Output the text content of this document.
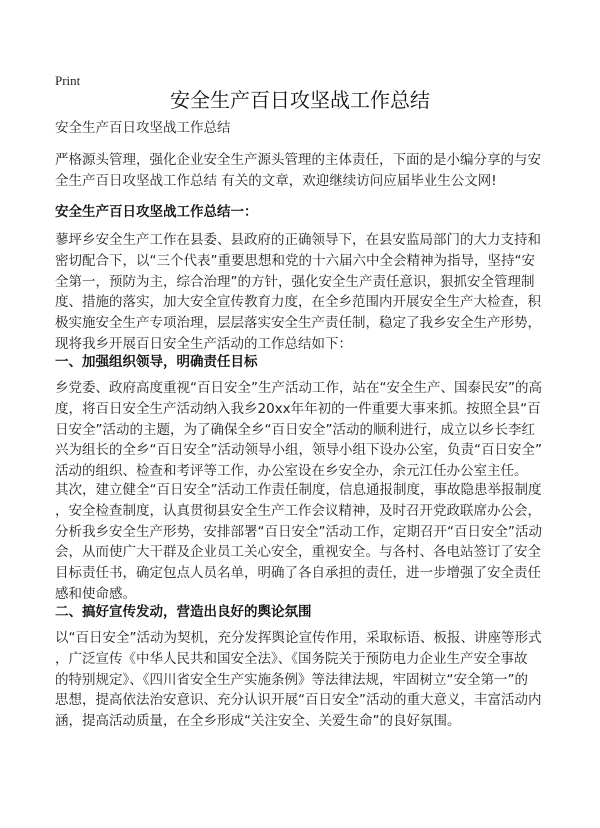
Print
安全生产百日攻坚战工作总结

安全生产百日攻坚战工作总结

严格源头管理，强化企业安全生产源头管理的主体责任，下面的是小编分享的与安
全生产百日攻坚战工作总结 有关的文章，欢迎继续访问应届毕业生公文网!

安全生产百日攻坚战工作总结一：

蓼坪乡安全生产工作在县委、县政府的正确领导下，在县安监局部门的大力支持和
密切配合下，以“三个代表”重要思想和党的十六届六中全会精神为指导，坚持“安
全第一，预防为主，综合治理”的方针，强化安全生产责任意识，狠抓安全管理制
度、措施的落实，加大安全宣传教育力度，在全乡范围内开展安全生产大检查，积
极实施安全生产专项治理，层层落实安全生产责任制，稳定了我乡安全生产形势，
现将我乡开展百日安全生产活动的工作总结如下：

一、加强组织领导，明确责任目标

乡党委、政府高度重视“百日安全”生产活动工作，站在“安全生产、国泰民安”的高
度，将百日安全生产活动纳入我乡20xx年年初的一件重要大事来抓。按照全县“百
日安全”活动的主题，为了确保全乡“百日安全”活动的顺利进行，成立以乡长李红
兴为组长的全乡“百日安全”活动领导小组，领导小组下设办公室，负责“百日安全”
活动的组织、检查和考评等工作，办公室设在乡安全办，余元江任办公室主任。

其次，建立健全“百日安全”活动工作责任制度，信息通报制度，事故隐患举报制度
，安全检查制度，认真贯彻县安全生产工作会议精神，及时召开党政联席办公会，
分析我乡安全生产形势，安排部署“百日安全”活动工作，定期召开“百日安全”活动
会，从而使广大干群及企业员工关心安全，重视安全。与各村、各电站签订了安全
目标责任书，确定包点人员名单，明确了各自承担的责任，进一步增强了安全责任
感和使命感。

二、搞好宣传发动，营造出良好的舆论氛围

以“百日安全”活动为契机，充分发挥舆论宣传作用，采取标语、板报、讲座等形式
，广泛宣传《中华人民共和国安全法》、《国务院关于预防电力企业生产安全事故
的特别规定》、《四川省安全生产实施条例》等法律法规，牢固树立“安全第一”的
思想，提高依法治安意识、充分认识开展“百日安全”活动的重大意义，丰富活动内
涵，提高活动质量，在全乡形成“关注安全、关爱生命”的良好氛围。
